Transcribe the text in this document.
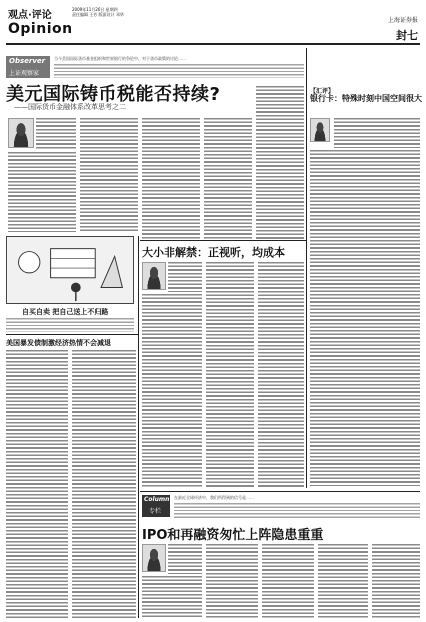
观点·评论
Opinion
2009年11月26日 星期四
责任编辑 王芳 版面设计 邓华
上海证券报
封七
Observer
上证观察家
当今美国国际货币基金组织和世界银行的争论中，对于货币政策的讨论……
美元国际铸币税能否持续?
——国际货币金融体系改革思考之二
【汇评】
银行卡：特殊时刻中国空间很大
自买自卖 把自己送上不归路
大小非解禁：正视听，均成本
美国暴发债制激经济热情不会减退
Column
专栏
在最近全球经济中，我们所得到的信号是……
IPO和再融资匆忙上阵隐患重重
